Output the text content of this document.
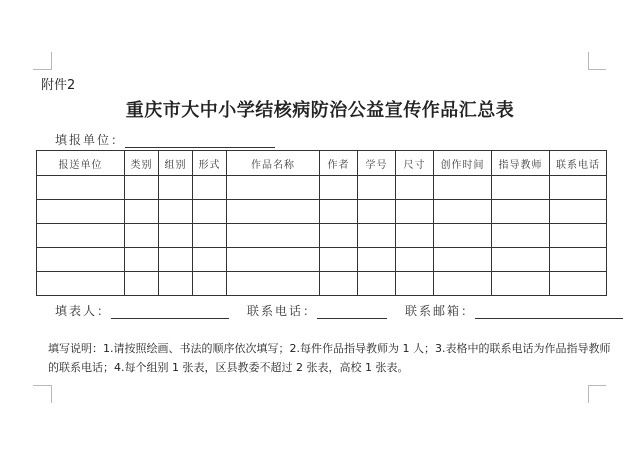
附件2
重庆市大中小学结核病防治公益宣传作品汇总表
填报单位：
报送单位	类别	组别	形式	作品名称	作者	学号	尺寸	创作时间	指导教师	联系电话

填表人：	联系电话：	联系邮箱：
填写说明：1.请按照绘画、书法的顺序依次填写；2.每件作品指导教师为 1 人；3.表格中的联系电话为作品指导教师的联系电话；4.每个组别 1 张表，区县教委不超过 2 张表，高校 1 张表。
